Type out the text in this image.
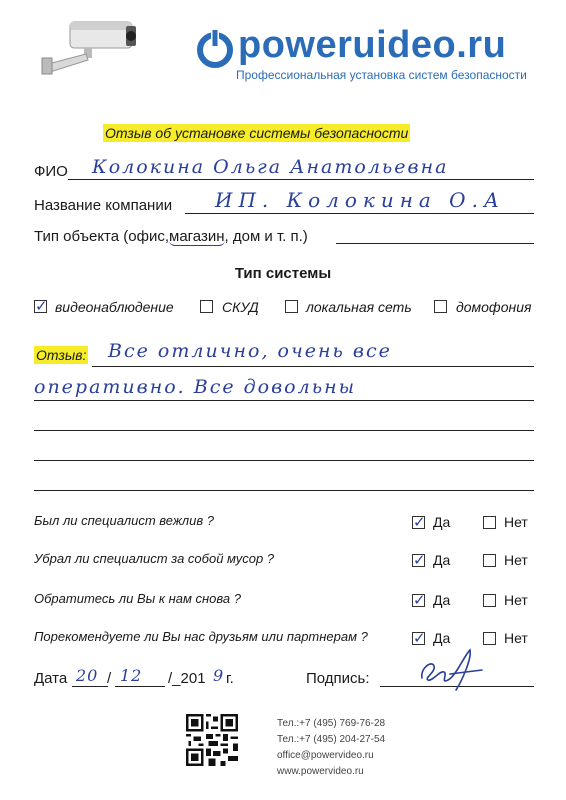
poweruideo.ru
Профессиональная установка систем безопасности
Отзыв об установке системы безопасности
ФИО Колокина Ольга Анатольевна
Название компании ИП. Колокина О.А
Тип объекта (офис,магазин, дом и т. п.)
Тип системы
✓ видеонаблюдение	СКУД	локальная сеть	домофония
Отзыв: Все отлично, очень все
оперативно. Все довольны
Был ли специалист вежлив ?	✓ Да	Нет
Убрал ли специалист за собой мусор ?	✓ Да	Нет
Обратитесь ли Вы к нам снова ?	✓ Да	Нет
Порекомендуете ли Вы нас друзьям или партнерам ?	✓ Да	Нет
Дата 20 / 12 /_201 9 г.	Подпись:
Тел.:+7 (495) 769-76-28
Тел.:+7 (495) 204-27-54
office@powervideo.ru
www.powervideo.ru
